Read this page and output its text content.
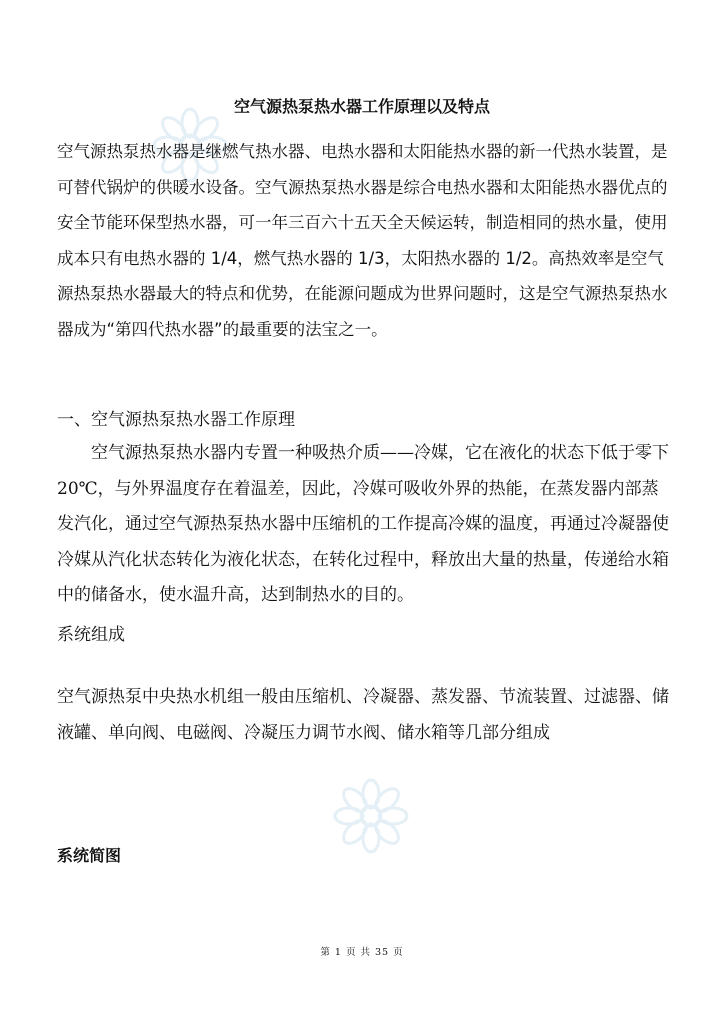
空气源热泵热水器工作原理以及特点

空气源热泵热水器是继燃气热水器、电热水器和太阳能热水器的新一代热水装置，是可替代锅炉的供暖水设备。空气源热泵热水器是综合电热水器和太阳能热水器优点的安全节能环保型热水器，可一年三百六十五天全天候运转，制造相同的热水量，使用成本只有电热水器的 1/4，燃气热水器的 1/3，太阳热水器的 1/2。高热效率是空气源热泵热水器最大的特点和优势，在能源问题成为世界问题时，这是空气源热泵热水器成为“第四代热水器”的最重要的法宝之一。

一、空气源热泵热水器工作原理

空气源热泵热水器内专置一种吸热介质——冷媒，它在液化的状态下低于零下 20℃，与外界温度存在着温差，因此，冷媒可吸收外界的热能，在蒸发器内部蒸发汽化，通过空气源热泵热水器中压缩机的工作提高冷媒的温度，再通过冷凝器使冷媒从汽化状态转化为液化状态，在转化过程中，释放出大量的热量，传递给水箱中的储备水，使水温升高，达到制热水的目的。

系统组成

空气源热泵中央热水机组一般由压缩机、冷凝器、蒸发器、节流装置、过滤器、储液罐、单向阀、电磁阀、冷凝压力调节水阀、储水箱等几部分组成

系统简图
第 1 页 共 35 页
